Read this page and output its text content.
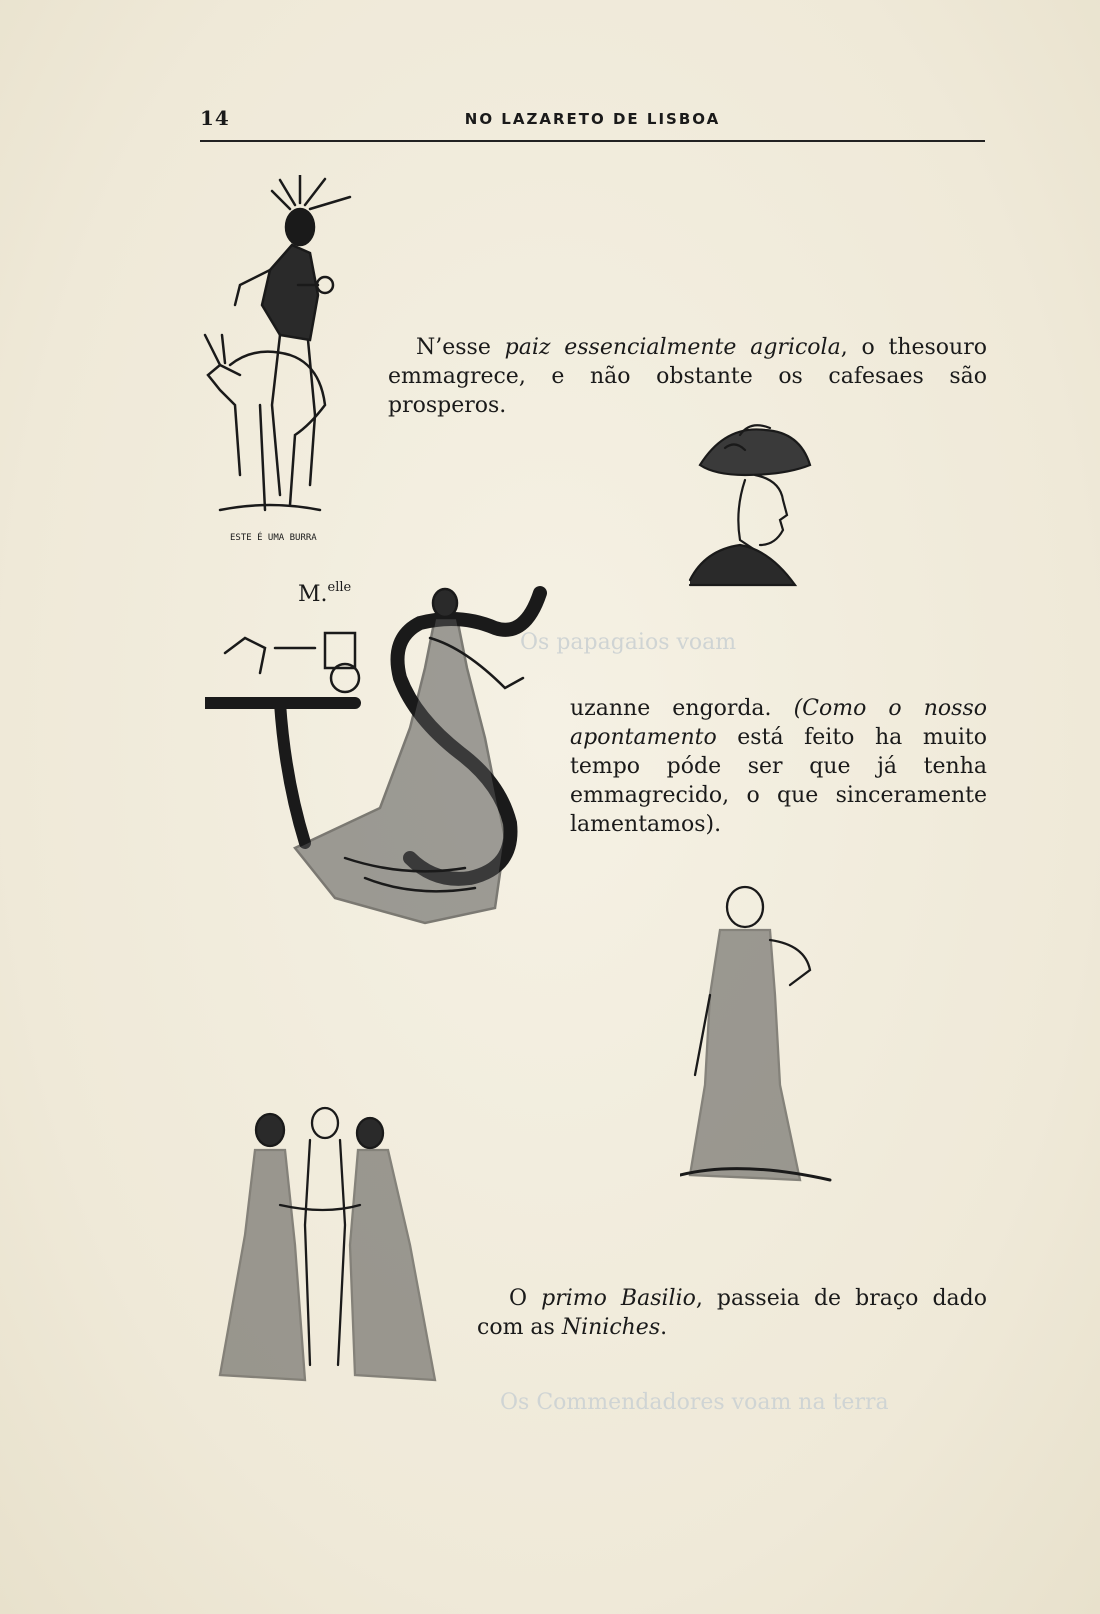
Os papagaios voam
Os Commendadores voam na terra
14	NO LAZARETO DE LISBOA
ESTE É UMA BURRA

N’esse paiz essencialmente agricola, o thesouro emmagrece, e não obstante os cafesaes são prosperos.

M.$^{elle}$

uzanne engorda. (Como o nosso apontamento está feito ha muito tempo póde ser que já tenha emmagrecido, o que sinceramente lamentamos).

O primo Basilio, passeia de braço dado com as Niniches.
